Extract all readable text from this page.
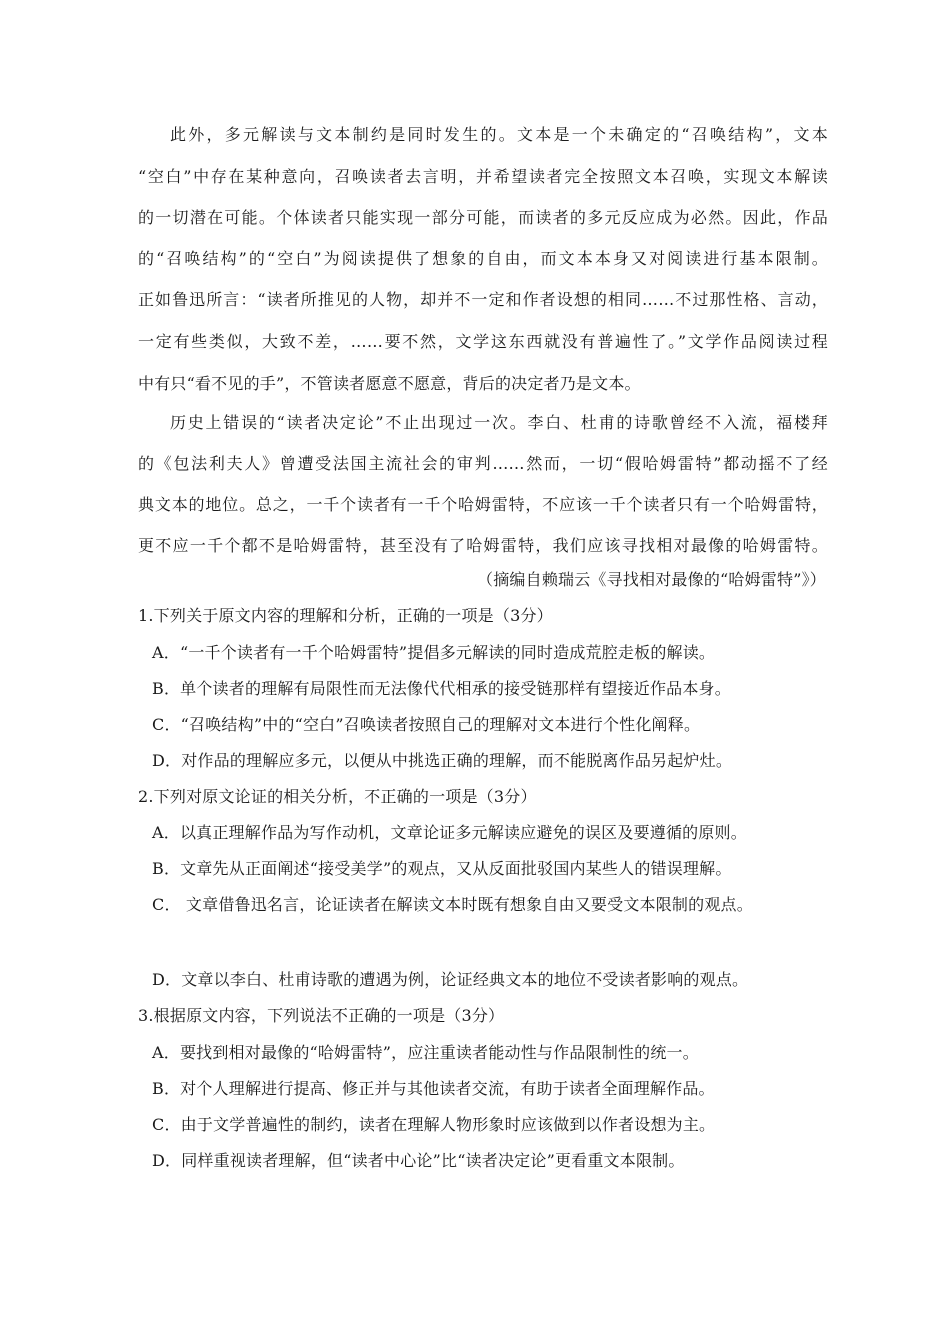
此外，多元解读与文本制约是同时发生的。文本是一个未确定的“召唤结构”，文本
“空白”中存在某种意向，召唤读者去言明，并希望读者完全按照文本召唤，实现文本解读
的一切潜在可能。个体读者只能实现一部分可能，而读者的多元反应成为必然。因此，作品
的“召唤结构”的“空白”为阅读提供了想象的自由，而文本本身又对阅读进行基本限制。
正如鲁迅所言：“读者所推见的人物，却并不一定和作者设想的相同……不过那性格、言动，
一定有些类似，大致不差，……要不然，文学这东西就没有普遍性了。”文学作品阅读过程
中有只“看不见的手”，不管读者愿意不愿意，背后的决定者乃是文本。
历史上错误的“读者决定论”不止出现过一次。李白、杜甫的诗歌曾经不入流，福楼拜
的《包法利夫人》曾遭受法国主流社会的审判……然而，一切“假哈姆雷特”都动摇不了经
典文本的地位。总之，一千个读者有一千个哈姆雷特，不应该一千个读者只有一个哈姆雷特，
更不应一千个都不是哈姆雷特，甚至没有了哈姆雷特，我们应该寻找相对最像的哈姆雷特。
（摘编自赖瑞云《寻找相对最像的“哈姆雷特”》）
1.下列关于原文内容的理解和分析，正确的一项是（3分）
A．“一千个读者有一千个哈姆雷特”提倡多元解读的同时造成荒腔走板的解读。
B．单个读者的理解有局限性而无法像代代相承的接受链那样有望接近作品本身。
C．“召唤结构”中的“空白”召唤读者按照自己的理解对文本进行个性化阐释。
D．对作品的理解应多元，以便从中挑选正确的理解，而不能脱离作品另起炉灶。
2.下列对原文论证的相关分析，不正确的一项是（3分）
A．以真正理解作品为写作动机，文章论证多元解读应避免的误区及要遵循的原则。
B．文章先从正面阐述“接受美学”的观点，又从反面批驳国内某些人的错误理解。
C． 文章借鲁迅名言，论证读者在解读文本时既有想象自由又要受文本限制的观点。
D．文章以李白、杜甫诗歌的遭遇为例，论证经典文本的地位不受读者影响的观点。
3.根据原文内容，下列说法不正确的一项是（3分）
A．要找到相对最像的“哈姆雷特”，应注重读者能动性与作品限制性的统一。
B．对个人理解进行提高、修正并与其他读者交流，有助于读者全面理解作品。
C．由于文学普遍性的制约，读者在理解人物形象时应该做到以作者设想为主。
D．同样重视读者理解，但“读者中心论”比“读者决定论”更看重文本限制。
